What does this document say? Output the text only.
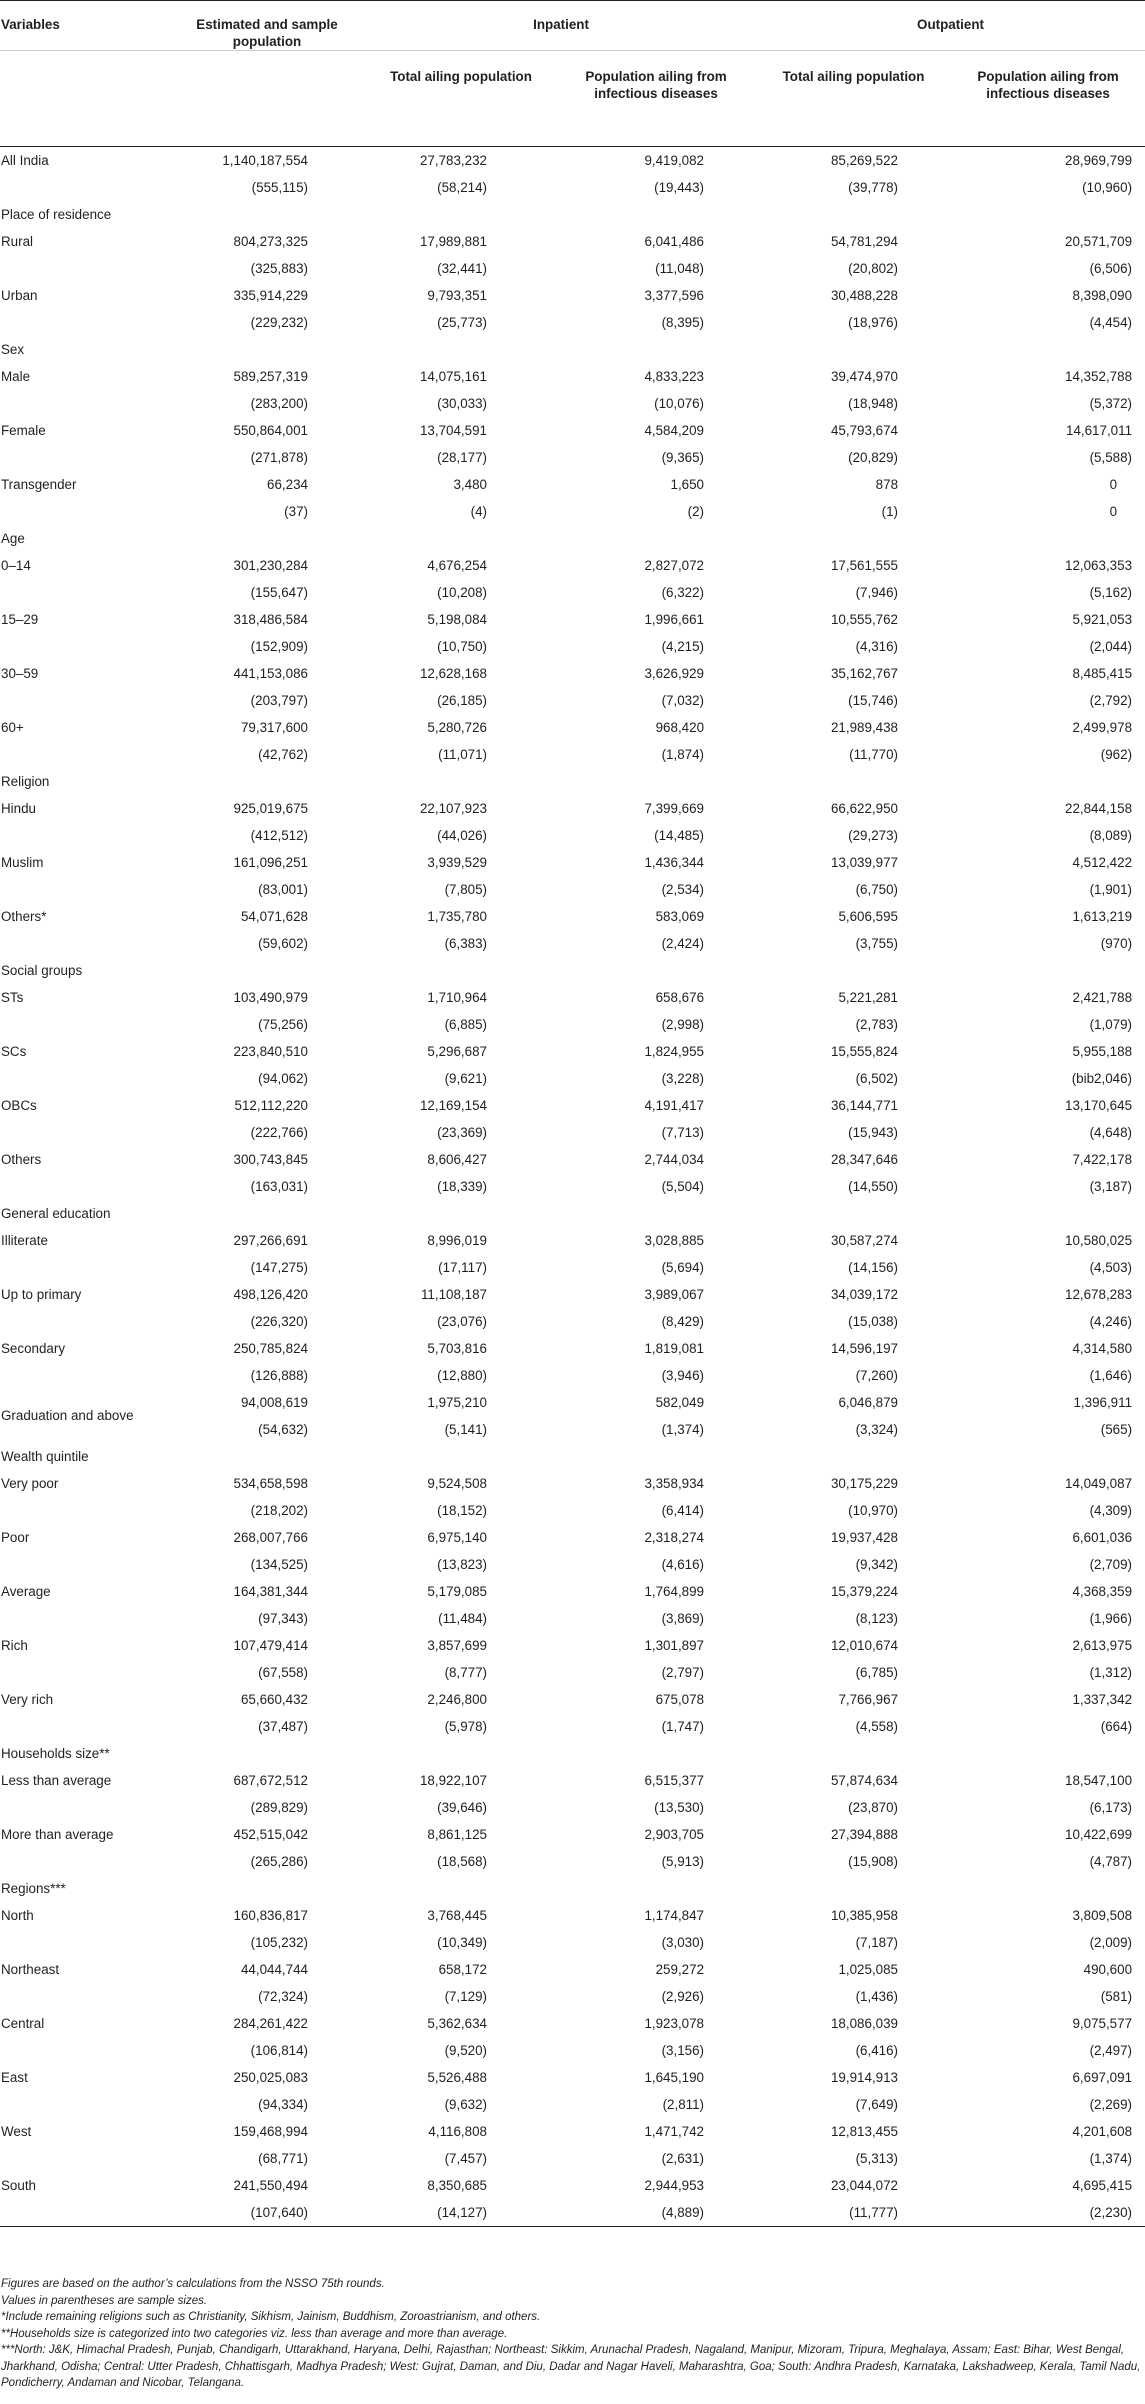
Variables	Estimated and sample population	Inpatient		Outpatient	
		Total ailing population	Population ailing from infectious diseases	Total ailing population	Population ailing from infectious diseases
All India	1,140,187,554	27,783,232	9,419,082	85,269,522	28,969,799
	(555,115)	(58,214)	(19,443)	(39,778)	(10,960)
Place of residence					
Rural	804,273,325	17,989,881	6,041,486	54,781,294	20,571,709
	(325,883)	(32,441)	(11,048)	(20,802)	(6,506)
Urban	335,914,229	9,793,351	3,377,596	30,488,228	8,398,090
	(229,232)	(25,773)	(8,395)	(18,976)	(4,454)
Sex					
Male	589,257,319	14,075,161	4,833,223	39,474,970	14,352,788
	(283,200)	(30,033)	(10,076)	(18,948)	(5,372)
Female	550,864,001	13,704,591	4,584,209	45,793,674	14,617,011
	(271,878)	(28,177)	(9,365)	(20,829)	(5,588)
Transgender	66,234	3,480	1,650	878	0
	(37)	(4)	(2)	(1)	0
Age					
0–14	301,230,284	4,676,254	2,827,072	17,561,555	12,063,353
	(155,647)	(10,208)	(6,322)	(7,946)	(5,162)
15–29	318,486,584	5,198,084	1,996,661	10,555,762	5,921,053
	(152,909)	(10,750)	(4,215)	(4,316)	(2,044)
30–59	441,153,086	12,628,168	3,626,929	35,162,767	8,485,415
	(203,797)	(26,185)	(7,032)	(15,746)	(2,792)
60+	79,317,600	5,280,726	968,420	21,989,438	2,499,978
	(42,762)	(11,071)	(1,874)	(11,770)	(962)
Religion					
Hindu	925,019,675	22,107,923	7,399,669	66,622,950	22,844,158
	(412,512)	(44,026)	(14,485)	(29,273)	(8,089)
Muslim	161,096,251	3,939,529	1,436,344	13,039,977	4,512,422
	(83,001)	(7,805)	(2,534)	(6,750)	(1,901)
Others*	54,071,628	1,735,780	583,069	5,606,595	1,613,219
	(59,602)	(6,383)	(2,424)	(3,755)	(970)
Social groups					
STs	103,490,979	1,710,964	658,676	5,221,281	2,421,788
	(75,256)	(6,885)	(2,998)	(2,783)	(1,079)
SCs	223,840,510	5,296,687	1,824,955	15,555,824	5,955,188
	(94,062)	(9,621)	(3,228)	(6,502)	(bib2,046)
OBCs	512,112,220	12,169,154	4,191,417	36,144,771	13,170,645
	(222,766)	(23,369)	(7,713)	(15,943)	(4,648)
Others	300,743,845	8,606,427	2,744,034	28,347,646	7,422,178
	(163,031)	(18,339)	(5,504)	(14,550)	(3,187)
General education					
Illiterate	297,266,691	8,996,019	3,028,885	30,587,274	10,580,025
	(147,275)	(17,117)	(5,694)	(14,156)	(4,503)
Up to primary	498,126,420	11,108,187	3,989,067	34,039,172	12,678,283
	(226,320)	(23,076)	(8,429)	(15,038)	(4,246)
Secondary	250,785,824	5,703,816	1,819,081	14,596,197	4,314,580
	(126,888)	(12,880)	(3,946)	(7,260)	(1,646)
Graduation and above	94,008,619	1,975,210	582,049	6,046,879	1,396,911
	(54,632)	(5,141)	(1,374)	(3,324)	(565)
Wealth quintile					
Very poor	534,658,598	9,524,508	3,358,934	30,175,229	14,049,087
	(218,202)	(18,152)	(6,414)	(10,970)	(4,309)
Poor	268,007,766	6,975,140	2,318,274	19,937,428	6,601,036
	(134,525)	(13,823)	(4,616)	(9,342)	(2,709)
Average	164,381,344	5,179,085	1,764,899	15,379,224	4,368,359
	(97,343)	(11,484)	(3,869)	(8,123)	(1,966)
Rich	107,479,414	3,857,699	1,301,897	12,010,674	2,613,975
	(67,558)	(8,777)	(2,797)	(6,785)	(1,312)
Very rich	65,660,432	2,246,800	675,078	7,766,967	1,337,342
	(37,487)	(5,978)	(1,747)	(4,558)	(664)
Households size**					
Less than average	687,672,512	18,922,107	6,515,377	57,874,634	18,547,100
	(289,829)	(39,646)	(13,530)	(23,870)	(6,173)
More than average	452,515,042	8,861,125	2,903,705	27,394,888	10,422,699
	(265,286)	(18,568)	(5,913)	(15,908)	(4,787)
Regions***					
North	160,836,817	3,768,445	1,174,847	10,385,958	3,809,508
	(105,232)	(10,349)	(3,030)	(7,187)	(2,009)
Northeast	44,044,744	658,172	259,272	1,025,085	490,600
	(72,324)	(7,129)	(2,926)	(1,436)	(581)
Central	284,261,422	5,362,634	1,923,078	18,086,039	9,075,577
	(106,814)	(9,520)	(3,156)	(6,416)	(2,497)
East	250,025,083	5,526,488	1,645,190	19,914,913	6,697,091
	(94,334)	(9,632)	(2,811)	(7,649)	(2,269)
West	159,468,994	4,116,808	1,471,742	12,813,455	4,201,608
	(68,771)	(7,457)	(2,631)	(5,313)	(1,374)
South	241,550,494	8,350,685	2,944,953	23,044,072	4,695,415
	(107,640)	(14,127)	(4,889)	(11,777)	(2,230)

Figures are based on the author’s calculations from the NSSO 75th rounds.

Values in parentheses are sample sizes.

*Include remaining religions such as Christianity, Sikhism, Jainism, Buddhism, Zoroastrianism, and others.

**Households size is categorized into two categories viz. less than average and more than average.

***North: J&K, Himachal Pradesh, Punjab, Chandigarh, Uttarakhand, Haryana, Delhi, Rajasthan; Northeast: Sikkim, Arunachal Pradesh, Nagaland, Manipur, Mizoram, Tripura, Meghalaya, Assam; East: Bihar, West Bengal, Jharkhand, Odisha; Central: Utter Pradesh, Chhattisgarh, Madhya Pradesh; West: Gujrat, Daman, and Diu, Dadar and Nagar Haveli, Maharashtra, Goa; South: Andhra Pradesh, Karnataka, Lakshadweep, Kerala, Tamil Nadu, Pondicherry, Andaman and Nicobar, Telangana.
